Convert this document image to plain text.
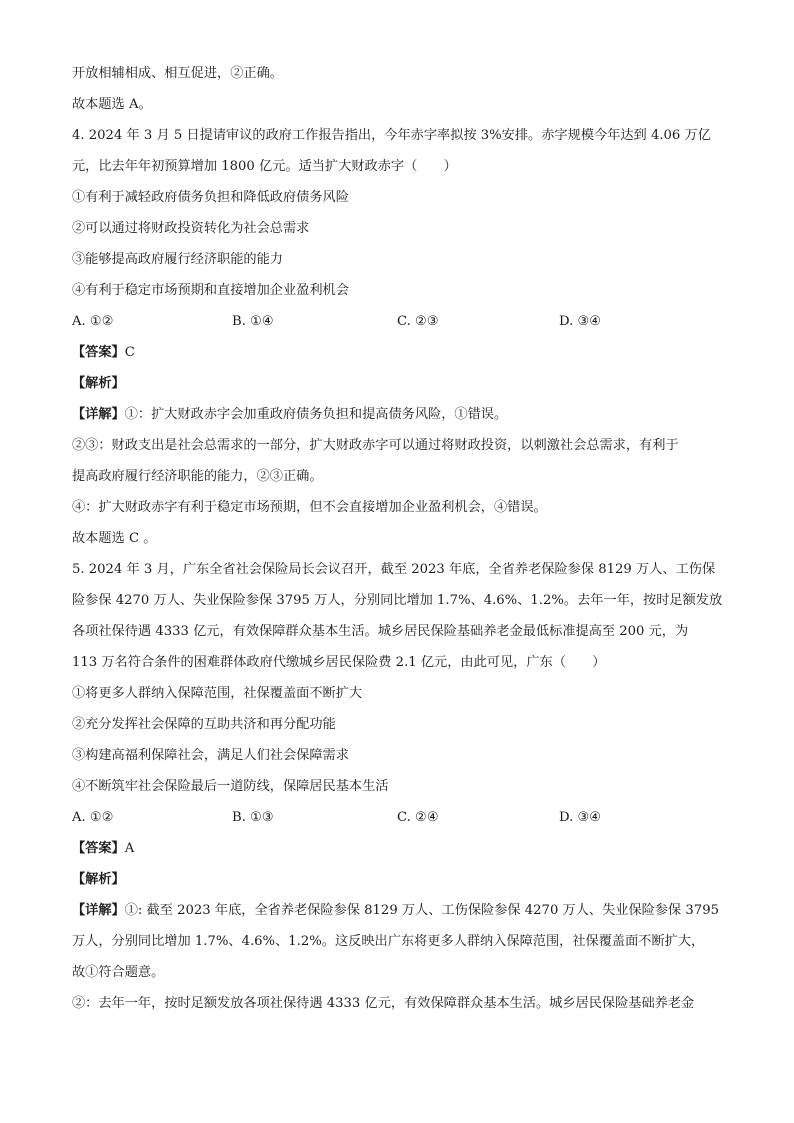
开放相辅相成、相互促进，②正确。
故本题选 A。
4. 2024 年 3 月 5 日提请审议的政府工作报告指出，今年赤字率拟按 3%安排。赤字规模今年达到 4.06 万亿
元，比去年年初预算增加 1800 亿元。适当扩大财政赤字（　　）
①有利于减轻政府债务负担和降低政府债务风险
②可以通过将财政投资转化为社会总需求
③能够提高政府履行经济职能的能力
④有利于稳定市场预期和直接增加企业盈利机会
A. ①②	B. ①④	C. ②③	D. ③④
【答案】C
【解析】
【详解】①：扩大财政赤字会加重政府债务负担和提高债务风险，①错误。
②③：财政支出是社会总需求的一部分，扩大财政赤字可以通过将财政投资，以刺激社会总需求，有利于
提高政府履行经济职能的能力，②③正确。
④：扩大财政赤字有利于稳定市场预期，但不会直接增加企业盈利机会，④错误。
故本题选 C 。
5. 2024 年 3 月，广东全省社会保险局长会议召开，截至 2023 年底，全省养老保险参保 8129 万人、工伤保
险参保 4270 万人、失业保险参保 3795 万人，分别同比增加 1.7%、4.6%、1.2%。去年一年，按时足额发放
各项社保待遇 4333 亿元，有效保障群众基本生活。城乡居民保险基础养老金最低标准提高至 200 元，为
113 万名符合条件的困难群体政府代缴城乡居民保险费 2.1 亿元，由此可见，广东（　　）
①将更多人群纳入保障范围，社保覆盖面不断扩大
②充分发挥社会保障的互助共济和再分配功能
③构建高福利保障社会，满足人们社会保障需求
④不断筑牢社会保险最后一道防线，保障居民基本生活
A. ①②	B. ①③	C. ②④	D. ③④
【答案】A
【解析】
【详解】①: 截至 2023 年底，全省养老保险参保 8129 万人、工伤保险参保 4270 万人、失业保险参保 3795
万人，分别同比增加 1.7%、4.6%、1.2%。这反映出广东将更多人群纳入保障范围，社保覆盖面不断扩大，
故①符合题意。
②：去年一年，按时足额发放各项社保待遇 4333 亿元，有效保障群众基本生活。城乡居民保险基础养老金
